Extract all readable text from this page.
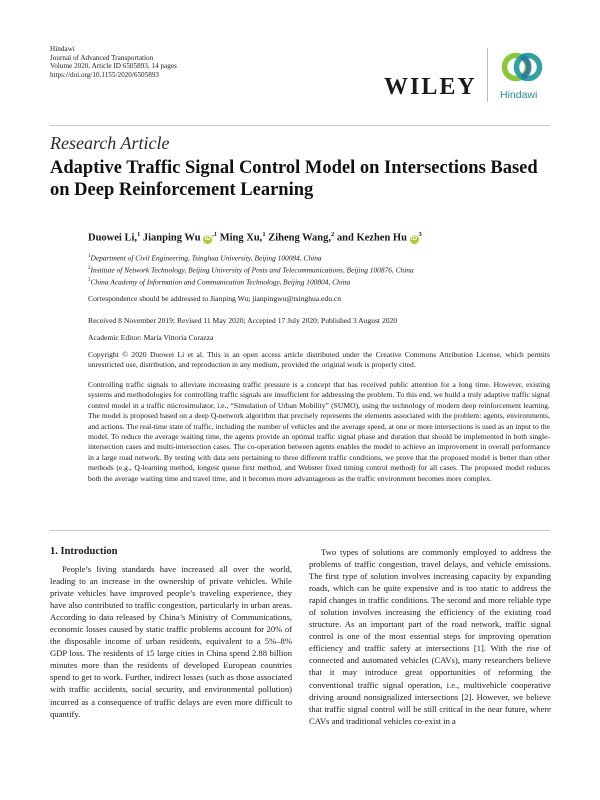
Hindawi
Journal of Advanced Transportation
Volume 2020, Article ID 6505893, 14 pages
https://doi.org/10.1155/2020/6505893	WILEY Hindawi
Research Article
Adaptive Traffic Signal Control Model on Intersections Based on Deep Reinforcement Learning
Duowei Li,$^1$ Jianping Wu $iD^{,1}$ Ming Xu,$^1$ Ziheng Wang,$^2$ and Kezhen Hu $iD^3$
$^1$Department of Civil Engineering, Tsinghua University, Beijing 100084, China
$^2$Institute of Network Technology, Beijing University of Posts and Telecommunications, Beijing 100876, China
$^3$China Academy of Information and Communication Technology, Beijing 100804, China
Correspondence should be addressed to Jianping Wu; jianpingwu@tsinghua.edu.cn
Received 8 November 2019; Revised 11 May 2020; Accepted 17 July 2020; Published 3 August 2020
Academic Editor: Maria Vittoria Corazza
Copyright © 2020 Duowei Li et al. This is an open access article distributed under the Creative Commons Attribution License, which permits unrestricted use, distribution, and reproduction in any medium, provided the original work is properly cited.
Controlling traffic signals to alleviate increasing traffic pressure is a concept that has received public attention for a long time. However, existing systems and methodologies for controlling traffic signals are insufficient for addressing the problem. To this end, we build a truly adaptive traffic signal control model in a traffic microsimulator, i.e., “Simulation of Urban Mobility” (SUMO), using the technology of modern deep reinforcement learning. The model is proposed based on a deep Q-network algorithm that precisely represents the elements associated with the problem: agents, environments, and actions. The real-time state of traffic, including the number of vehicles and the average speed, at one or more intersections is used as an input to the model. To reduce the average waiting time, the agents provide an optimal traffic signal phase and duration that should be implemented in both single-intersection cases and multi-intersection cases. The co-operation between agents enables the model to achieve an improvement in overall performance in a large road network. By testing with data sets pertaining to three different traffic conditions, we prove that the proposed model is better than other methods (e.g., Q-learning method, longest queue first method, and Webster fixed timing control method) for all cases. The proposed model reduces both the average waiting time and travel time, and it becomes more advantageous as the traffic environment becomes more complex.
1. Introduction

People’s living standards have increased all over the world, leading to an increase in the ownership of private vehicles. While private vehicles have improved people’s traveling experience, they have also contributed to traffic congestion, particularly in urban areas. According to data released by China’s Ministry of Communications, economic losses caused by static traffic problems account for 20% of the disposable income of urban residents, equivalent to a 5%–8% GDP loss. The residents of 15 large cities in China spend 2.88 billion minutes more than the residents of developed European countries spend to get to work. Further, indirect losses (such as those associated with traffic accidents, social security, and environmental pollution) incurred as a consequence of traffic delays are even more difficult to quantify.

Two types of solutions are commonly employed to address the problems of traffic congestion, travel delays, and vehicle emissions. The first type of solution involves increasing capacity by expanding roads, which can be quite expensive and is too static to address the rapid changes in traffic conditions. The second and more reliable type of solution involves increasing the efficiency of the existing road structure. As an important part of the road network, traffic signal control is one of the most essential steps for improving operation efficiency and traffic safety at intersections [1]. With the rise of connected and automated vehicles (CAVs), many researchers believe that it may introduce great opportunities of reforming the conventional traffic signal operation, i.e., multivehicle cooperative driving around nonsignalized intersections [2]. However, we believe that traffic signal control will be still critical in the near future, where CAVs and traditional vehicles co-exist in a
